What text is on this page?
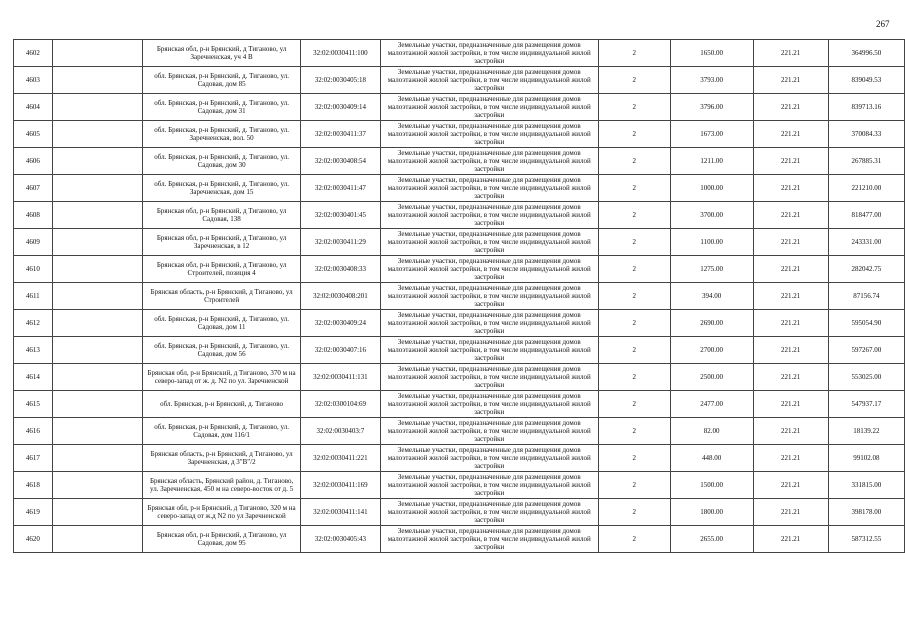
267
4602		Брянская обл, р-н Брянский, д Тиганово, ул Заречненская, уч 4 В	32:02:0030411:100	Земельные участки, предназначенные для размещения домов малоэтажной жилой застройки, в том числе индивидуальной жилой застройки	2	1650.00	221.21	364996.50
4603		обл. Брянская, р-н Брянский, д. Тиганово, ул. Садовая, дом 85	32:02:0030405:18	Земельные участки, предназначенные для размещения домов малоэтажной жилой застройки, в том числе индивидуальной жилой застройки	2	3793.00	221.21	839049.53
4604		обл. Брянская, р-н Брянский, д. Тиганово, ул. Садовая, дом 31	32:02:0030409:14	Земельные участки, предназначенные для размещения домов малоэтажной жилой застройки, в том числе индивидуальной жилой застройки	2	3796.00	221.21	839713.16
4605		обл. Брянская, р-н Брянский, д. Тиганово, ул. Заречненская, вол. 50	32:02:0030411:37	Земельные участки, предназначенные для размещения домов малоэтажной жилой застройки, в том числе индивидуальной жилой застройки	2	1673.00	221.21	370084.33
4606		обл. Брянская, р-н Брянский, д. Тиганово, ул. Садовая, дом 30	32:02:0030408:54	Земельные участки, предназначенные для размещения домов малоэтажной жилой застройки, в том числе индивидуальной жилой застройки	2	1211.00	221.21	267885.31
4607		обл. Брянская, р-н Брянский, д. Тиганово, ул. Заречненская, дом 15	32:02:0030411:47	Земельные участки, предназначенные для размещения домов малоэтажной жилой застройки, в том числе индивидуальной жилой застройки	2	1000.00	221.21	221210.00
4608		Брянская обл, р-н Брянский, д Тиганово, ул Садовая, 138	32:02:0030401:45	Земельные участки, предназначенные для размещения домов малоэтажной жилой застройки, в том числе индивидуальной жилой застройки	2	3700.00	221.21	818477.00
4609		Брянская обл, р-н Брянский, д Тиганово, ул Заречненская, в 12	32:02:0030411:29	Земельные участки, предназначенные для размещения домов малоэтажной жилой застройки, в том числе индивидуальной жилой застройки	2	1100.00	221.21	243331.00
4610		Брянская обл, р-н Брянский, д Тиганово, ул Строителей, позиция 4	32:02:0030408:33	Земельные участки, предназначенные для размещения домов малоэтажной жилой застройки, в том числе индивидуальной жилой застройки	2	1275.00	221.21	282042.75
4611		Брянская область, р-н Брянский, д Тиганово, ул Строителей	32:02:0030408:201	Земельные участки, предназначенные для размещения домов малоэтажной жилой застройки, в том числе индивидуальной жилой застройки	2	394.00	221.21	87156.74
4612		обл. Брянская, р-н Брянский, д. Тиганово, ул. Садовая, дом 11	32:02:0030409:24	Земельные участки, предназначенные для размещения домов малоэтажной жилой застройки, в том числе индивидуальной жилой застройки	2	2690.00	221.21	595054.90
4613		обл. Брянская, р-н Брянский, д. Тиганово, ул. Садовая, дом 56	32:02:0030407:16	Земельные участки, предназначенные для размещения домов малоэтажной жилой застройки, в том числе индивидуальной жилой застройки	2	2700.00	221.21	597267.00
4614		Брянская обл, р-н Брянский, д Тиганово, 370 м на северо-запад от ж. д. N2 по ул. Заречненской	32:02:0030411:131	Земельные участки, предназначенные для размещения домов малоэтажной жилой застройки, в том числе индивидуальной жилой застройки	2	2500.00	221.21	553025.00
4615		обл. Брянская, р-н Брянский, д. Тиганово	32:02:0300104:69	Земельные участки, предназначенные для размещения домов малоэтажной жилой застройки, в том числе индивидуальной жилой застройки	2	2477.00	221.21	547937.17
4616		обл. Брянская, р-н Брянский, д. Тиганово, ул. Садовая, дом 116/1	32:02:0030403:7	Земельные участки, предназначенные для размещения домов малоэтажной жилой застройки, в том числе индивидуальной жилой застройки	2	82.00	221.21	18139.22
4617		Брянская область, р-н Брянский, д Тиганово, ул Заречненская, д 3"В"/2	32:02:0030411:221	Земельные участки, предназначенные для размещения домов малоэтажной жилой застройки, в том числе индивидуальной жилой застройки	2	448.00	221.21	99102.08
4618		Брянская область, Брянский район, д. Тиганово, ул. Заречненская, 450 м на северо-восток от д. 5	32:02:0030411:169	Земельные участки, предназначенные для размещения домов малоэтажной жилой застройки, в том числе индивидуальной жилой застройки	2	1500.00	221.21	331815.00
4619		Брянская обл, р-н Брянский, д Тиганово, 320 м на северо-запад от ж.д N2 по ул Заречненской	32:02:0030411:141	Земельные участки, предназначенные для размещения домов малоэтажной жилой застройки, в том числе индивидуальной жилой застройки	2	1800.00	221.21	398178.00
4620		Брянская обл, р-н Брянский, д Тиганово, ул Садовая, дом 95	32:02:0030405:43	Земельные участки, предназначенные для размещения домов малоэтажной жилой застройки, в том числе индивидуальной жилой застройки	2	2655.00	221.21	587312.55
